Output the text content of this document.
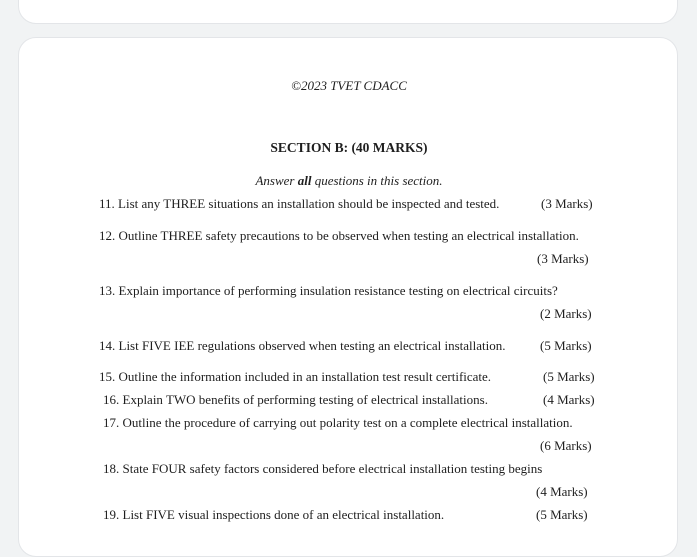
©2023 TVET CDACC
SECTION B: (40 MARKS)
Answer all questions in this section.
11. List any THREE situations an installation should be inspected and tested.	(3 Marks)
12. Outline THREE safety precautions to be observed when testing an electrical installation.
(3 Marks)
13. Explain importance of performing insulation resistance testing on electrical circuits?
(2 Marks)
14. List FIVE IEE regulations observed when testing an electrical installation.	(5 Marks)
15. Outline the information included in an installation test result certificate.	(5 Marks)
16. Explain TWO benefits of performing testing of electrical installations.	(4 Marks)
17. Outline the procedure of carrying out polarity test on a complete electrical installation.
(6 Marks)
18. State FOUR safety factors considered before electrical installation testing begins
(4 Marks)
19. List FIVE visual inspections done of an electrical installation.	(5 Marks)
